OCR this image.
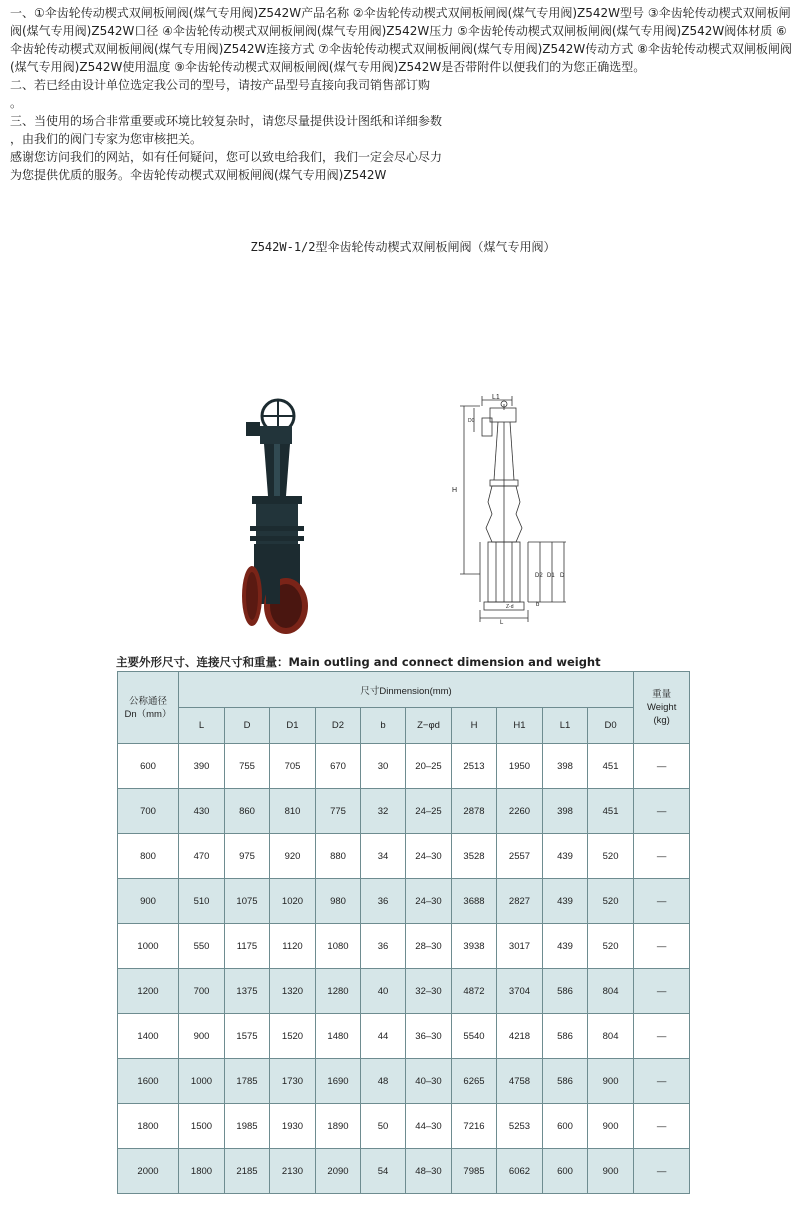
一、①伞齿轮传动楔式双闸板闸阀(煤气专用阀)Z542W产品名称 ②伞齿轮传动楔式双闸板闸阀(煤气专用阀)Z542W型号 ③伞齿轮传动楔式双闸板闸阀(煤气专用阀)Z542W口径 ④伞齿轮传动楔式双闸板闸阀(煤气专用阀)Z542W压力 ⑤伞齿轮传动楔式双闸板闸阀(煤气专用阀)Z542W阀体材质 ⑥伞齿轮传动楔式双闸板闸阀(煤气专用阀)Z542W连接方式 ⑦伞齿轮传动楔式双闸板闸阀(煤气专用阀)Z542W传动方式 ⑧伞齿轮传动楔式双闸板闸阀(煤气专用阀)Z542W使用温度 ⑨伞齿轮传动楔式双闸板闸阀(煤气专用阀)Z542W是否带附件以便我们的为您正确选型。

二、若已经由设计单位选定我公司的型号，请按产品型号直接向我司销售部订购

。

三、当使用的场合非常重要或环境比较复杂时，请您尽量提供设计图纸和详细参数

，由我们的阀门专家为您审核把关。

感谢您访问我们的网站，如有任何疑问，您可以致电给我们，我们一定会尽心尽力

为您提供优质的服务。伞齿轮传动楔式双闸板闸阀(煤气专用阀)Z542W

Z542W-1/2型伞齿轮传动楔式双闸板闸阀（煤气专用阀）
L1
H
D0
D2 D1 D
b
L
Z-d
主要外形尺寸、连接尺寸和重量：Main outling and connect dimension and weight
公称通径
Dn（mm）	尺寸Dinmension(mm)										重量
Weight
(kg)
	L	D	D1	D2	b	Z−φd	H	H1	L1	D0	
600	390	755	705	670	30	20–25	2513	1950	398	451	—
700	430	860	810	775	32	24–25	2878	2260	398	451	—
800	470	975	920	880	34	24–30	3528	2557	439	520	—
900	510	1075	1020	980	36	24–30	3688	2827	439	520	—
1000	550	1175	1120	1080	36	28–30	3938	3017	439	520	—
1200	700	1375	1320	1280	40	32–30	4872	3704	586	804	—
1400	900	1575	1520	1480	44	36–30	5540	4218	586	804	—
1600	1000	1785	1730	1690	48	40–30	6265	4758	586	900	—
1800	1500	1985	1930	1890	50	44–30	7216	5253	600	900	—
2000	1800	2185	2130	2090	54	48–30	7985	6062	600	900	—
